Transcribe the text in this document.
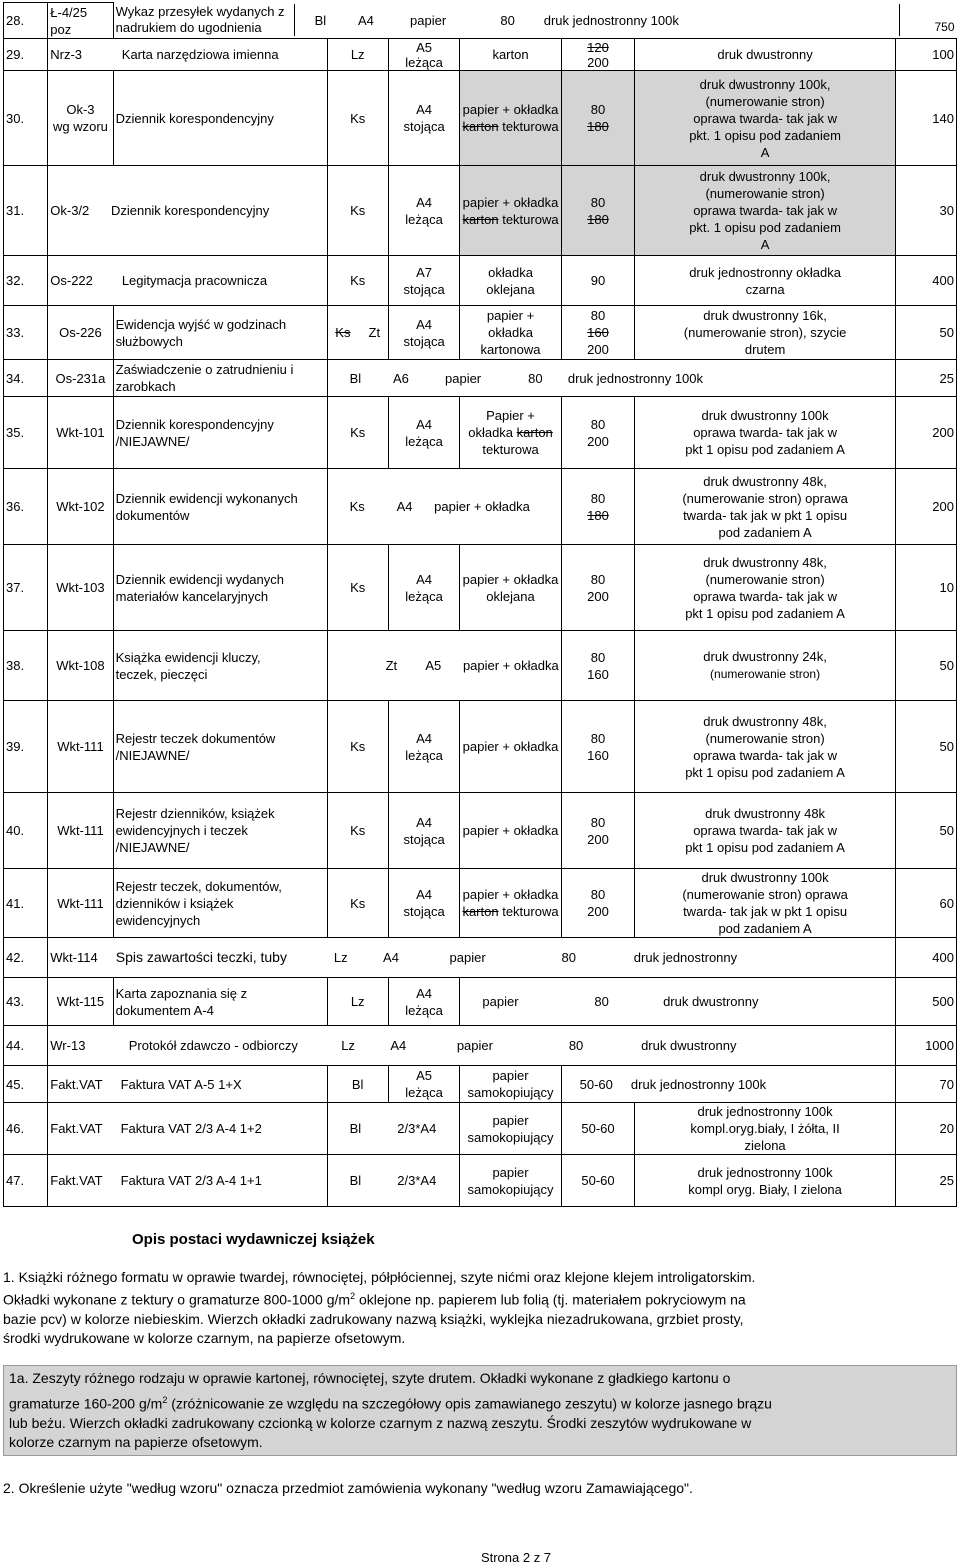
28.	Ł-4/25 poz	
Wykaz przesyłek wydanych z nadrukiem do ugodnienia	Bl A4	papier	80 druk jednostronny 100k	750

29.	Nrz-3	Karta narzędziowa imienna	Lz	A5
leżąca	karton	120
200	druk dwustronny	100
30.	Ok-3
wg wzoru	Dziennik korespondencyjny	Ks	A4
stojąca	papier + okładka
karton tekturowa	80
180	druk dwustronny 100k,
(numerowanie stron)
oprawa twarda- tak jak w
pkt. 1 opisu pod zadaniem
A	140
31.	Ok-3/2 Dziennik korespondencyjny	Ks	A4
leżąca	papier + okładka
karton tekturowa	80
180	druk dwustronny 100k,
(numerowanie stron)
oprawa twarda- tak jak w
pkt. 1 opisu pod zadaniem
A	30
32.	Os-222 Legitymacja pracownicza	Ks	A7
stojąca	okładka
oklejana	90	druk jednostronny okładka
czarna	400
33.	Os-226	Ewidencja wyjść w godzinach
służbowych	Ks Zt	A4
stojąca	papier +
okładka
kartonowa	80
160
200	druk dwustronny 16k,
(numerowanie stron), szycie
drutem	50
34.	Os-231a	Zaświadczenie o zatrudnieniu i
zarobkach	Bl A6	papier	80 druk jednostronny 100k	25
35.	Wkt-101	Dziennik korespondencyjny
/NIEJAWNE/	Ks	A4
leżąca	Papier +
okładka karton
tekturowa	80
200	druk dwustronny 100k
oprawa twarda- tak jak w
pkt 1 opisu pod zadaniem A	200
36.	Wkt-102	Dziennik ewidencji wykonanych
dokumentów	Ks A4 papier + okładka	80
180	druk dwustronny 48k,
(numerowanie stron) oprawa
twarda- tak jak w pkt 1 opisu
pod zadaniem A	200
37.	Wkt-103	Dziennik ewidencji wydanych
materiałów kancelaryjnych	Ks	A4
leżąca	papier + okładka
oklejana	80
200	druk dwustronny 48k,
(numerowanie stron)
oprawa twarda- tak jak w
pkt 1 opisu pod zadaniem A	10
38.	Wkt-108	Książka ewidencji kluczy,
teczek, pieczęci	Zt A5 papier + okładka	80
160	druk dwustronny 24k,
(numerowanie stron)	50
39.	Wkt-111	Rejestr teczek dokumentów
/NIEJAWNE/	Ks	A4
leżąca	papier + okładka	80
160	druk dwustronny 48k,
(numerowanie stron)
oprawa twarda- tak jak w
pkt 1 opisu pod zadaniem A	50
40.	Wkt-111	Rejestr dzienników, książek
ewidencyjnych i teczek
/NIEJAWNE/	Ks	A4
stojąca	papier + okładka	80
200	druk dwustronny 48k
oprawa twarda- tak jak w
pkt 1 opisu pod zadaniem A	50
41.	Wkt-111	Rejestr teczek, dokumentów,
dzienników i książek
ewidencyjnych	Ks	A4
stojąca	papier + okładka
karton tekturowa	80
200	druk dwustronny 100k
(numerowanie stron) oprawa
twarda- tak jak w pkt 1 opisu
pod zadaniem A	60
42.	Wkt-114 Spis zawartości teczki, tuby	Lz	A4	papier	80	druk jednostronny	400
43.	Wkt-115	Karta zapoznania się z
dokumentem A-4	Lz	A4
leżąca	papier	80	druk dwustronny	500
44.	Wr-13	Protokół zdawczo - odbiorczy	Lz	A4	papier	80	druk dwustronny	1000
45.	Fakt.VAT Faktura VAT A-5 1+X	Bl	A5
leżąca	papier
samokopiujący	50-60 druk jednostronny 100k	70
46.	Fakt.VAT Faktura VAT 2/3 A-4 1+2	Bl	2/3*A4	papier
samokopiujący	50-60	druk jednostronny 100k
kompl.oryg.biały, I żółta, II
zielona	20
47.	Fakt.VAT Faktura VAT 2/3 A-4 1+1	Bl	2/3*A4	papier
samokopiujący	50-60	druk jednostronny 100k
kompl oryg. Biały, I zielona	25
Opis postaci wydawniczej książek
1. Książki różnego formatu w oprawie twardej, równociętej, półpłóciennej, szyte nićmi oraz klejone klejem introligatorskim.
Okładki wykonane z tektury o gramaturze 800-1000 $g/m^2$ oklejone np. papierem lub folią (tj. materiałem pokryciowym na
bazie pcv) w kolorze niebieskim. Wierzch okładki zadrukowany nazwą książki, wyklejka niezadrukowana, grzbiet prosty,
środki wydrukowane w kolorze czarnym, na papierze ofsetowym.
1a. Zeszyty różnego rodzaju w oprawie kartonej, równociętej, szyte drutem. Okładki wykonane z gładkiego kartonu o
gramaturze 160-200 $g/m^2$ (zróżnicowanie ze względu na szczegółowy opis zamawianego zeszytu) w kolorze jasnego brązu
lub beżu. Wierzch okładki zadrukowany czcionką w kolorze czarnym z nazwą zeszytu. Środki zeszytów wydrukowane w
kolorze czarnym na papierze ofsetowym.
2. Określenie użyte "według wzoru" oznacza przedmiot zamówienia wykonany "według wzoru Zamawiającego".
Strona 2 z 7
